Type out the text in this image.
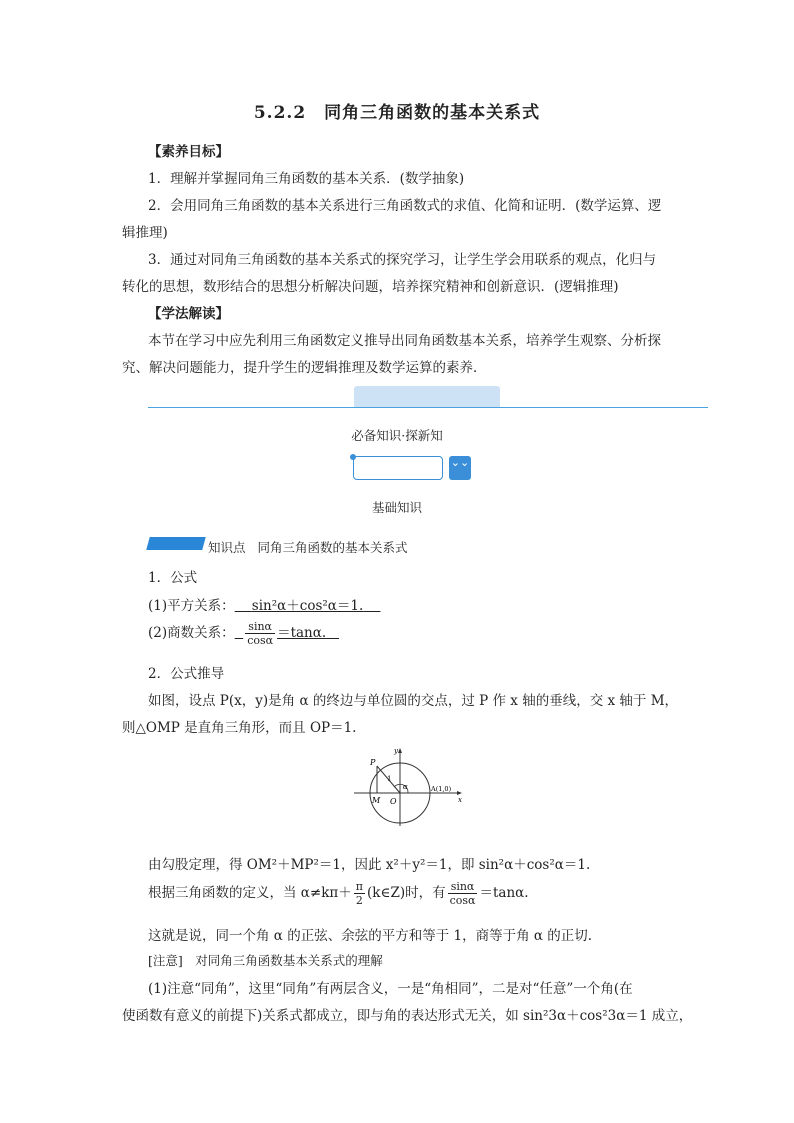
5.2.2 同角三角函数的基本关系式
【素养目标】
1．理解并掌握同角三角函数的基本关系．(数学抽象)
2．会用同角三角函数的基本关系进行三角函数式的求值、化简和证明．(数学运算、逻
辑推理)
3．通过对同角三角函数的基本关系式的探究学习，让学生学会用联系的观点，化归与
转化的思想，数形结合的思想分析解决问题，培养探究精神和创新意识．(逻辑推理)
【学法解读】
本节在学习中应先利用三角函数定义推导出同角函数基本关系，培养学生观察、分析探
究、解决问题能力，提升学生的逻辑推理及数学运算的素养．
必备知识·探新知
⌄⌄
基础知识
知识点 同角三角函数的基本关系式
1．公式
(1)平方关系： sin²α＋cos²α＝1.
(2)商数关系： $\frac{\sin\alpha}{\cos\alpha} =\tan\alpha$.
2．公式推导
如图，设点 P(x，y)是角 α 的终边与单位圆的交点，过 P 作 x 轴的垂线，交 x 轴于 M，
则△OMP 是直角三角形，而且 OP＝1.
y
x
P
M O
1
α	A(1,0)
由勾股定理，得 OM²＋MP²＝1，因此 x²＋y²＝1，即 sin²α＋cos²α＝1.
根据三角函数的定义，当 $\alpha\ne k\pi+ \frac{\pi}{2}$ (k∈Z)时，有 $\frac{\sin\alpha}{\cos\alpha} =\tan\alpha$.
这就是说，同一个角 α 的正弦、余弦的平方和等于 1，商等于角 α 的正切.
[注意]　对同角三角函数基本关系式的理解
(1)注意“同角”，这里“同角”有两层含义，一是“角相同”，二是对“任意”一个角(在
使函数有意义的前提下)关系式都成立，即与角的表达形式无关，如 sin²3α＋cos²3α＝1 成立，
